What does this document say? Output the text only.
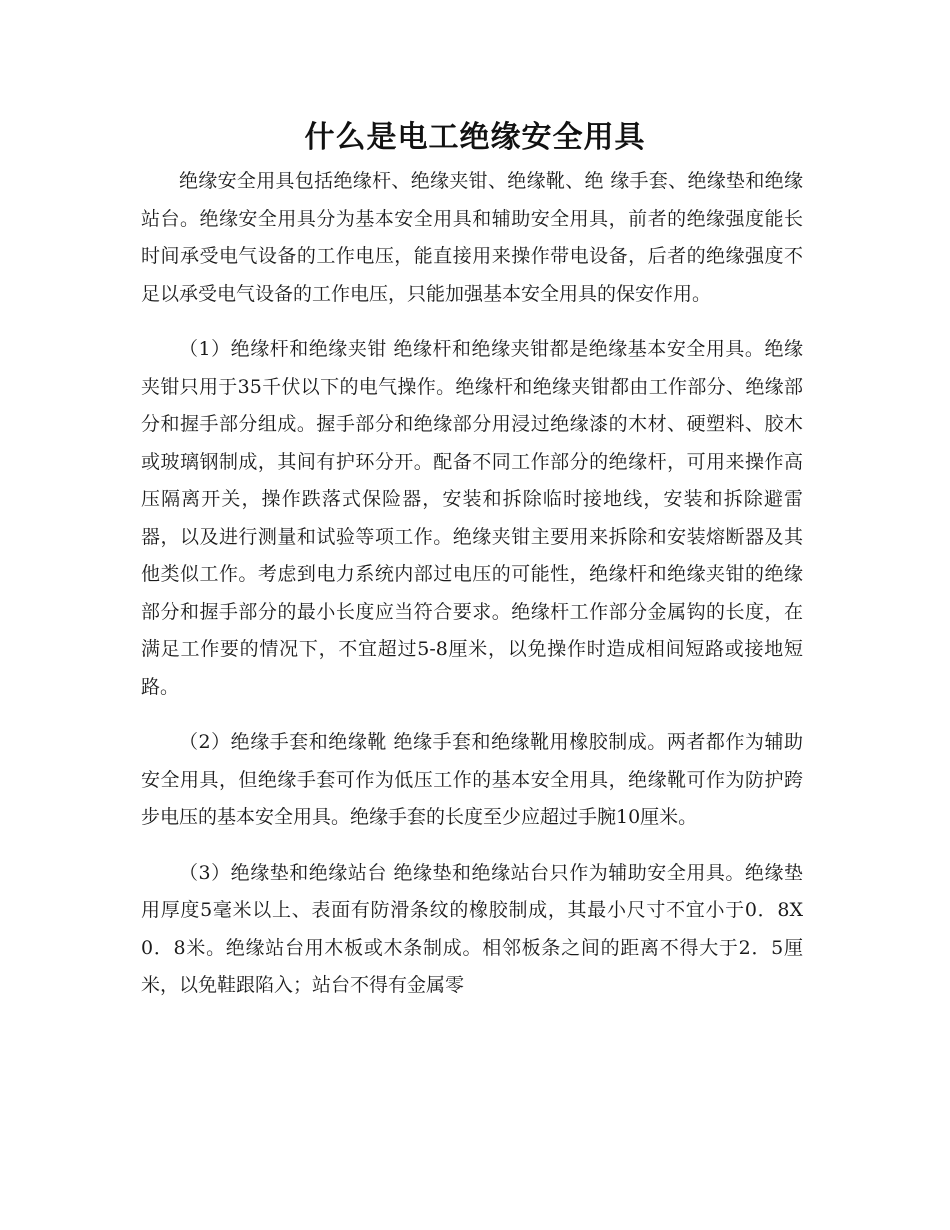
什么是电工绝缘安全用具

绝缘安全用具包括绝缘杆、绝缘夹钳、绝缘靴、绝 缘手套、绝缘垫和绝缘站台。绝缘安全用具分为基本安全用具和辅助安全用具，前者的绝缘强度能长时间承受电气设备的工作电压，能直接用来操作带电设备，后者的绝缘强度不足以承受电气设备的工作电压，只能加强基本安全用具的保安作用。

（1）绝缘杆和绝缘夹钳 绝缘杆和绝缘夹钳都是绝缘基本安全用具。绝缘夹钳只用于35千伏以下的电气操作。绝缘杆和绝缘夹钳都由工作部分、绝缘部分和握手部分组成。握手部分和绝缘部分用浸过绝缘漆的木材、硬塑料、胶木或玻璃钢制成，其间有护环分开。配备不同工作部分的绝缘杆，可用来操作高压隔离开关，操作跌落式保险器，安装和拆除临时接地线，安装和拆除避雷器，以及进行测量和试验等项工作。绝缘夹钳主要用来拆除和安装熔断器及其他类似工作。考虑到电力系统内部过电压的可能性，绝缘杆和绝缘夹钳的绝缘部分和握手部分的最小长度应当符合要求。绝缘杆工作部分金属钩的长度，在满足工作要的情况下，不宜超过5-8厘米，以免操作时造成相间短路或接地短路。

（2）绝缘手套和绝缘靴 绝缘手套和绝缘靴用橡胶制成。两者都作为辅助安全用具，但绝缘手套可作为低压工作的基本安全用具，绝缘靴可作为防护跨步电压的基本安全用具。绝缘手套的长度至少应超过手腕10厘米。

（3）绝缘垫和绝缘站台 绝缘垫和绝缘站台只作为辅助安全用具。绝缘垫用厚度5毫米以上、表面有防滑条纹的橡胶制成，其最小尺寸不宜小于0．8X0．8米。绝缘站台用木板或木条制成。相邻板条之间的距离不得大于2．5厘米，以免鞋跟陷入；站台不得有金属零
